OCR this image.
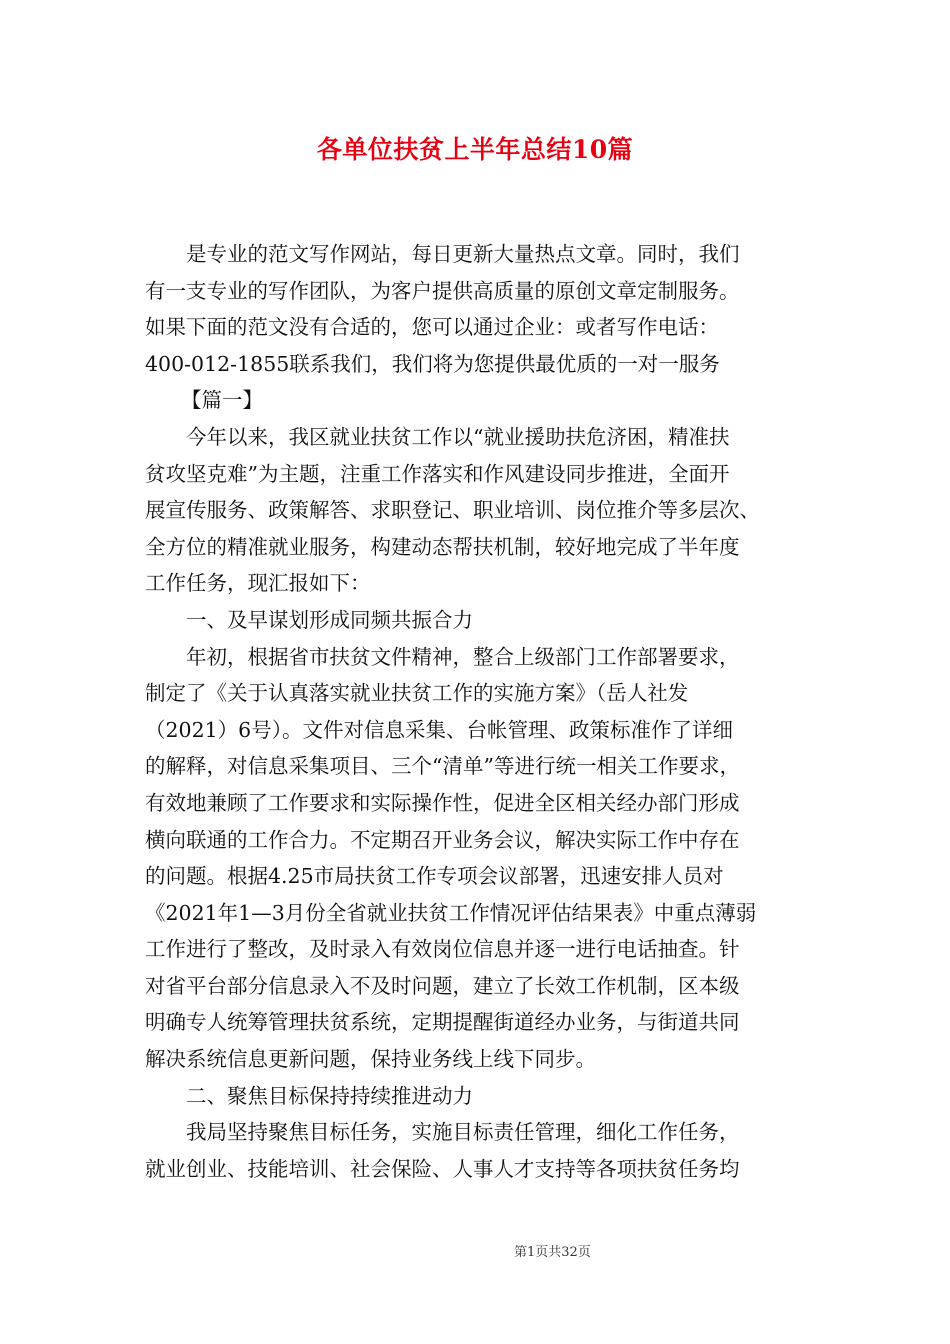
各单位扶贫上半年总结10篇

是专业的范文写作网站，每日更新大量热点文章。同时，我们

有一支专业的写作团队，为客户提供高质量的原创文章定制服务。

如果下面的范文没有合适的，您可以通过企业：或者写作电话：

400-012-1855联系我们，我们将为您提供最优质的一对一服务

【篇一】

今年以来，我区就业扶贫工作以“就业援助扶危济困，精准扶

贫攻坚克难”为主题，注重工作落实和作风建设同步推进，全面开

展宣传服务、政策解答、求职登记、职业培训、岗位推介等多层次、

全方位的精准就业服务，构建动态帮扶机制，较好地完成了半年度

工作任务，现汇报如下：

一、及早谋划形成同频共振合力

年初，根据省市扶贫文件精神，整合上级部门工作部署要求，

制定了《关于认真落实就业扶贫工作的实施方案》（岳人社发

（2021）6号）。文件对信息采集、台帐管理、政策标准作了详细

的解释，对信息采集项目、三个“清单”等进行统一相关工作要求，

有效地兼顾了工作要求和实际操作性，促进全区相关经办部门形成

横向联通的工作合力。不定期召开业务会议，解决实际工作中存在

的问题。根据4.25市局扶贫工作专项会议部署，迅速安排人员对

《2021年1—3月份全省就业扶贫工作情况评估结果表》中重点薄弱

工作进行了整改，及时录入有效岗位信息并逐一进行电话抽查。针

对省平台部分信息录入不及时问题，建立了长效工作机制，区本级

明确专人统筹管理扶贫系统，定期提醒街道经办业务，与街道共同

解决系统信息更新问题，保持业务线上线下同步。

二、聚焦目标保持持续推进动力

我局坚持聚焦目标任务，实施目标责任管理，细化工作任务，

就业创业、技能培训、社会保险、人事人才支持等各项扶贫任务均

第1页共32页
